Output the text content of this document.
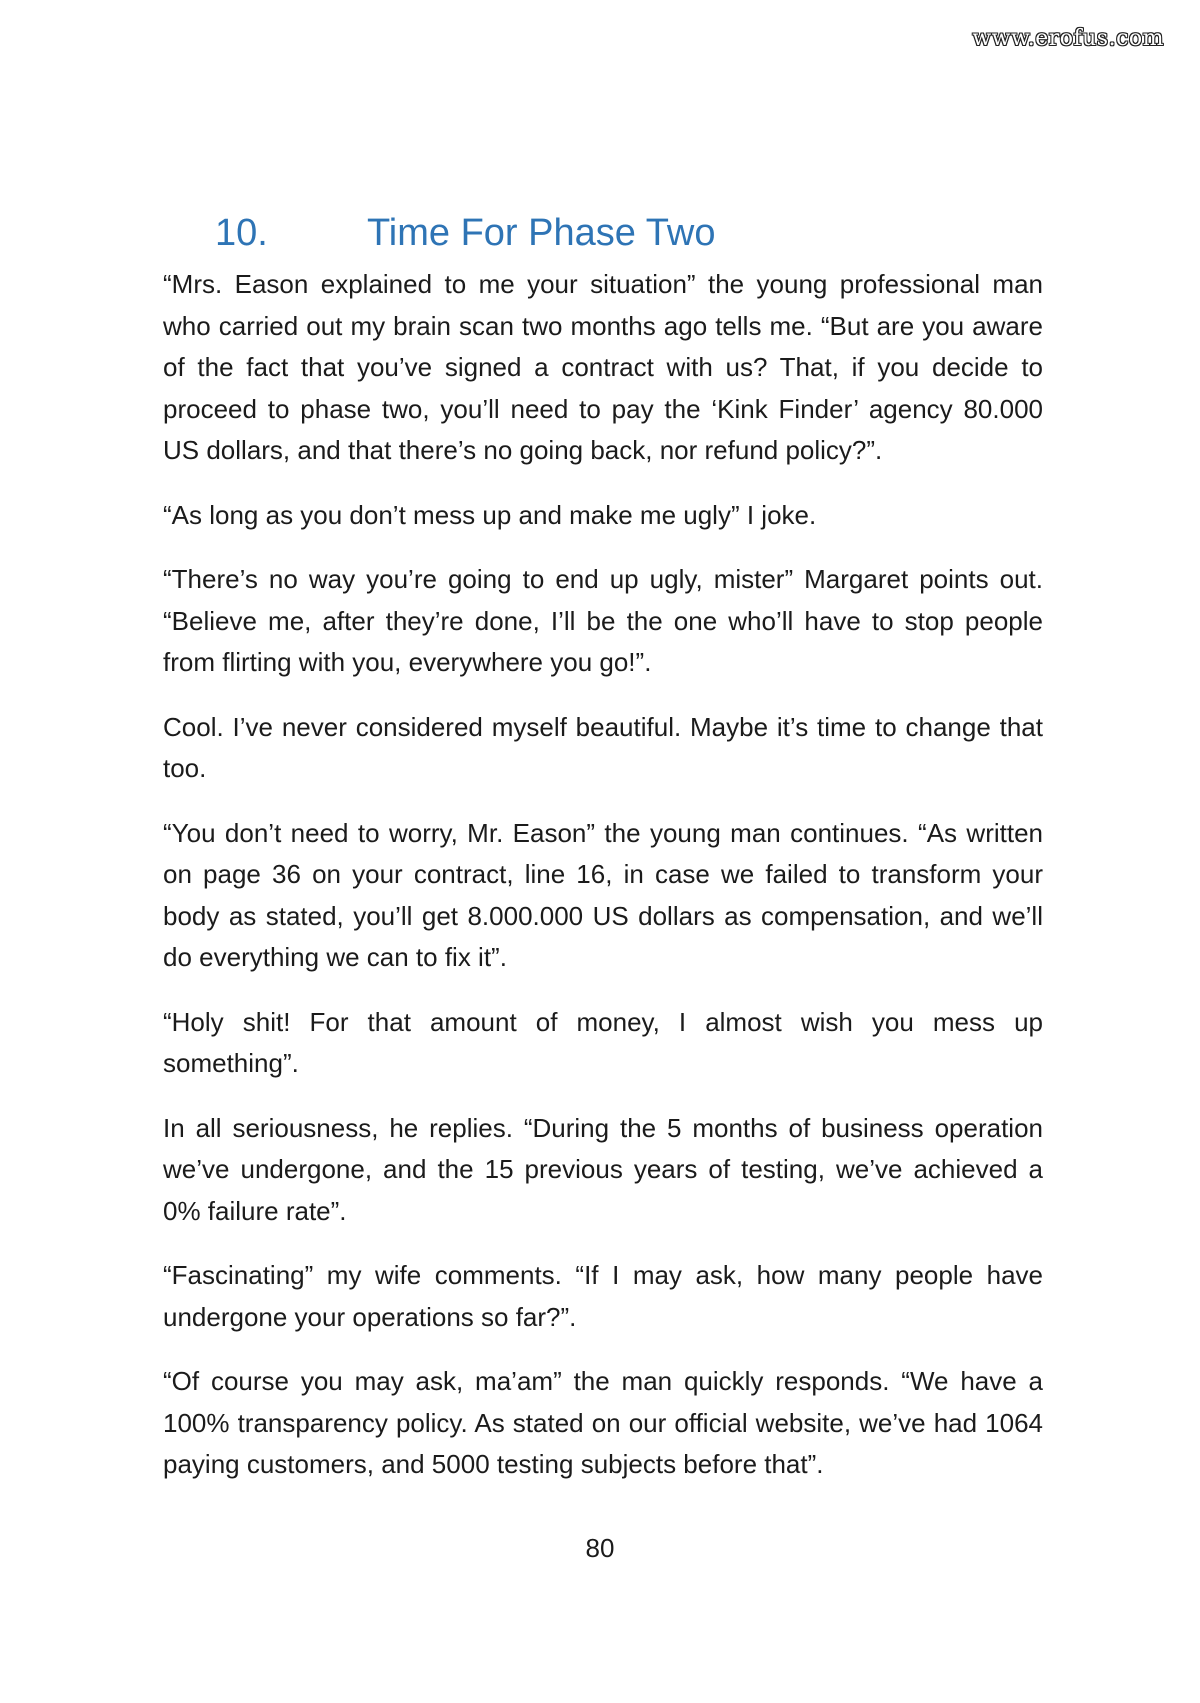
www.erofus.com
10.	Time For Phase Two

“Mrs. Eason explained to me your situation” the young professional man who carried out my brain scan two months ago tells me. “But are you aware of the fact that you’ve signed a contract with us? That, if you decide to proceed to phase two, you’ll need to pay the ‘Kink Finder’ agency 80.000 US dollars, and that there’s no going back, nor refund policy?”.

“As long as you don’t mess up and make me ugly” I joke.

“There’s no way you’re going to end up ugly, mister” Margaret points out. “Believe me, after they’re done, I’ll be the one who’ll have to stop people from flirting with you, everywhere you go!”.

Cool. I’ve never considered myself beautiful. Maybe it’s time to change that too.

“You don’t need to worry, Mr. Eason” the young man continues. “As written on page 36 on your contract, line 16, in case we failed to transform your body as stated, you’ll get 8.000.000 US dollars as compensation, and we’ll do everything we can to fix it”.

“Holy shit! For that amount of money, I almost wish you mess up something”.

In all seriousness, he replies. “During the 5 months of business operation we’ve undergone, and the 15 previous years of testing, we’ve achieved a 0% failure rate”.

“Fascinating” my wife comments. “If I may ask, how many people have undergone your operations so far?”.

“Of course you may ask, ma’am” the man quickly responds. “We have a 100% transparency policy. As stated on our official website, we’ve had 1064 paying customers, and 5000 testing subjects before that”.

80
